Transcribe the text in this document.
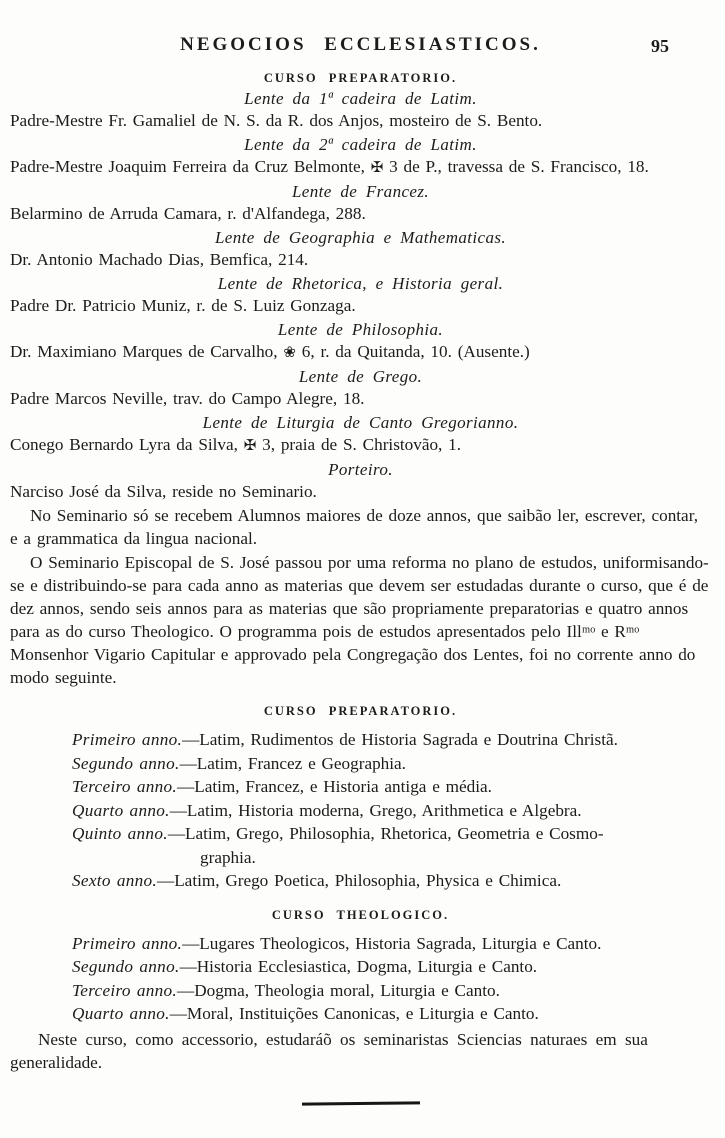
NEGOCIOS ECCLESIASTICOS.	95
CURSO PREPARATORIO.
Lente da 1ª cadeira de Latim.
Padre-Mestre Fr. Gamaliel de N. S. da R. dos Anjos, mosteiro de S. Bento.
Lente da 2ª cadeira de Latim.
Padre-Mestre Joaquim Ferreira da Cruz Belmonte, ✠ 3 de P., travessa de S. Francisco, 18.
Lente de Francez.
Belarmino de Arruda Camara, r. d'Alfandega, 288.
Lente de Geographia e Mathematicas.
Dr. Antonio Machado Dias, Bemfica, 214.
Lente de Rhetorica, e Historia geral.
Padre Dr. Patricio Muniz, r. de S. Luiz Gonzaga.
Lente de Philosophia.
Dr. Maximiano Marques de Carvalho, ❀ 6, r. da Quitanda, 10. (Ausente.)
Lente de Grego.
Padre Marcos Neville, trav. do Campo Alegre, 18.
Lente de Liturgia de Canto Gregorianno.
Conego Bernardo Lyra da Silva, ✠ 3, praia de S. Christovão, 1.
Porteiro.
Narciso José da Silva, reside no Seminario.

No Seminario só se recebem Alumnos maiores de doze annos, que saibão ler, escrever, contar, e a grammatica da lingua nacional.

O Seminario Episcopal de S. José passou por uma reforma no plano de estudos, uniformisando-se e distribuindo-se para cada anno as materias que devem ser estudadas durante o curso, que é de dez annos, sendo seis annos para as materias que são propriamente preparatorias e quatro annos para as do curso Theologico. O programma pois de estudos apresentados pelo Illᵐᵒ e Rᵐᵒ Monsenhor Vigario Capitular e approvado pela Congregação dos Lentes, foi no corrente anno do modo seguinte.

CURSO PREPARATORIO.
Primeiro anno.—Latim, Rudimentos de Historia Sagrada e Doutrina Christã.
Segundo anno.—Latim, Francez e Geographia.
Terceiro anno.—Latim, Francez, e Historia antiga e média.
Quarto anno.—Latim, Historia moderna, Grego, Arithmetica e Algebra.
Quinto anno.—Latim, Grego, Philosophia, Rhetorica, Geometria e Cosmo-
graphia.
Sexto anno.—Latim, Grego Poetica, Philosophia, Physica e Chimica.
CURSO THEOLOGICO.
Primeiro anno.—Lugares Theologicos, Historia Sagrada, Liturgia e Canto.
Segundo anno.—Historia Ecclesiastica, Dogma, Liturgia e Canto.
Terceiro anno.—Dogma, Theologia moral, Liturgia e Canto.
Quarto anno.—Moral, Instituições Canonicas, e Liturgia e Canto.

Neste curso, como accessorio, estudaráõ os seminaristas Sciencias naturaes em sua generalidade.
